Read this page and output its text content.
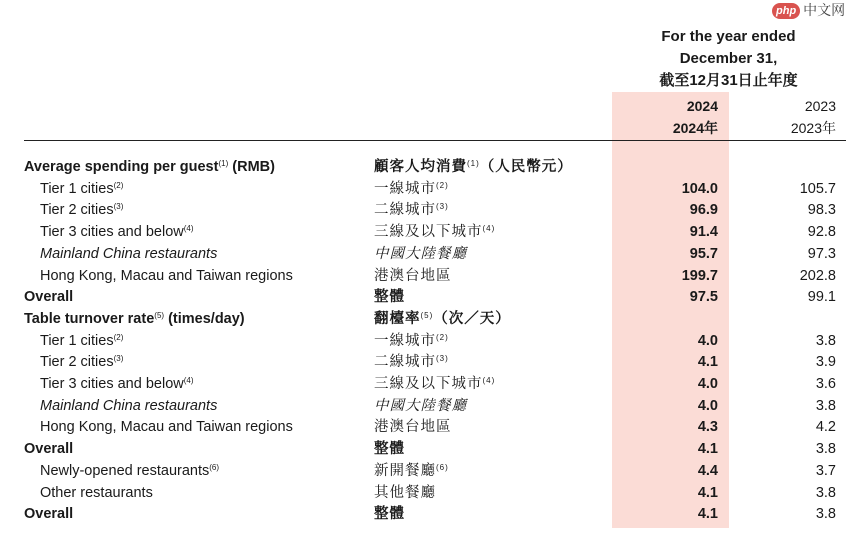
php 中文网
For the year ended
December 31,
截至12月31日止年度
2024
2024年
2023
2023年
Average spending per guest$^{(1)}$ (RMB)	顧客人均消費$^{(1)}$（人民幣元）
Tier 1 cities$^{(2)}$	一線城市$^{(2)}$	104.0	105.7
Tier 2 cities$^{(3)}$	二線城市$^{(3)}$	96.9	98.3
Tier 3 cities and below$^{(4)}$	三線及以下城市$^{(4)}$	91.4	92.8
Mainland China restaurants	中國大陸餐廳	95.7	97.3
Hong Kong, Macau and Taiwan regions	港澳台地區	199.7	202.8
Overall	整體	97.5	99.1
Table turnover rate$^{(5)}$ (times/day)	翻檯率$^{(5)}$（次／天）
Tier 1 cities$^{(2)}$	一線城市$^{(2)}$	4.0	3.8
Tier 2 cities$^{(3)}$	二線城市$^{(3)}$	4.1	3.9
Tier 3 cities and below$^{(4)}$	三線及以下城市$^{(4)}$	4.0	3.6
Mainland China restaurants	中國大陸餐廳	4.0	3.8
Hong Kong, Macau and Taiwan regions	港澳台地區	4.3	4.2
Overall	整體	4.1	3.8
Newly-opened restaurants$^{(6)}$	新開餐廳$^{(6)}$	4.4	3.7
Other restaurants	其他餐廳	4.1	3.8
Overall	整體	4.1	3.8
